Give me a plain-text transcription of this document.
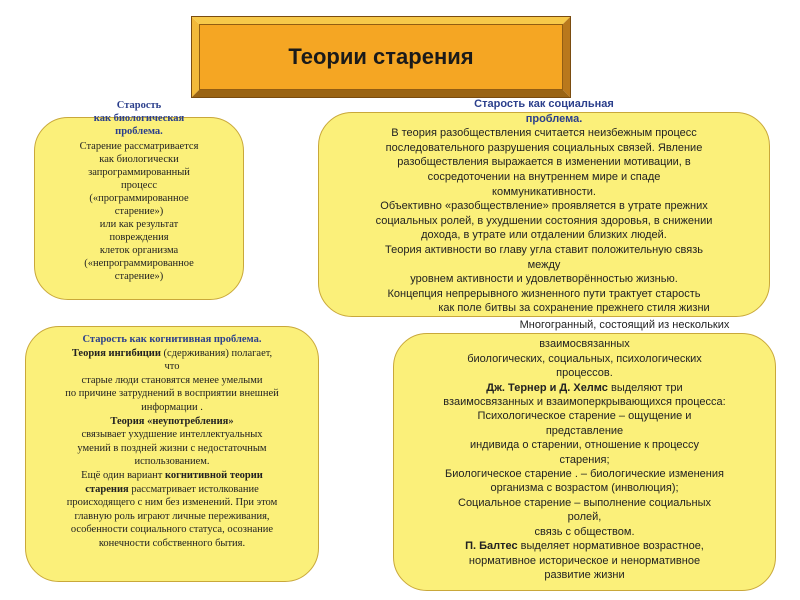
Теории старения
Старость
как биологическая
проблема.
Старение рассматривается
как биологически
запрограммированный
процесс
(«программированное
старение»)
или как результат
повреждения
клеток организма
(«непрограммированное
старение»)
Старость как социальная
проблема.
В теория разобществления считается неизбежным процесс
последовательного разрушения социальных связей. Явление
разобществления выражается в изменении мотивации, в
сосредоточении на внутреннем мире и спаде
коммуникативности.
Объективно «разобществление» проявляется в утрате прежних
социальных ролей, в ухудшении состояния здоровья, в снижении
дохода, в утрате или отдалении близких людей.
Теория активности во главу угла ставит положительную связь
между
уровнем активности и удовлетворённостью жизнью.
Концепция непрерывного жизненного пути трактует старость
как поле битвы за сохранение прежнего стиля жизни
Старость как когнитивная проблема.
Теория ингибиции (сдерживания) полагает,
что
старые люди становятся менее умелыми
по причине затруднений в восприятии внешней
информации .
Теория «неупотребления»
связывает ухудшение интеллектуальных
умений в поздней жизни с недостаточным
использованием.
Ещё один вариант когнитивной теории
старения рассматривает истолкование
происходящего с ним без изменений. При этом
главную роль играют личные переживания,
особенности социального статуса, осознание
конечности собственного бытия.
Многогранный, состоящий из нескольких
взаимосвязанных
биологических, социальных, психологических
процессов.
Дж. Тернер и Д. Хелмс выделяют три
взаимосвязанных и взаимоперкрывающихся процесса:
Психологическое старение – ощущение и
представление
индивида о старении, отношение к процессу
старения;
Биологическое старение . – биологические изменения
организма с возрастом (инволюция);
Социальное старение – выполнение социальных
ролей,
связь с обществом.
П. Балтес выделяет нормативное возрастное,
нормативное историческое и ненормативное
развитие жизни
